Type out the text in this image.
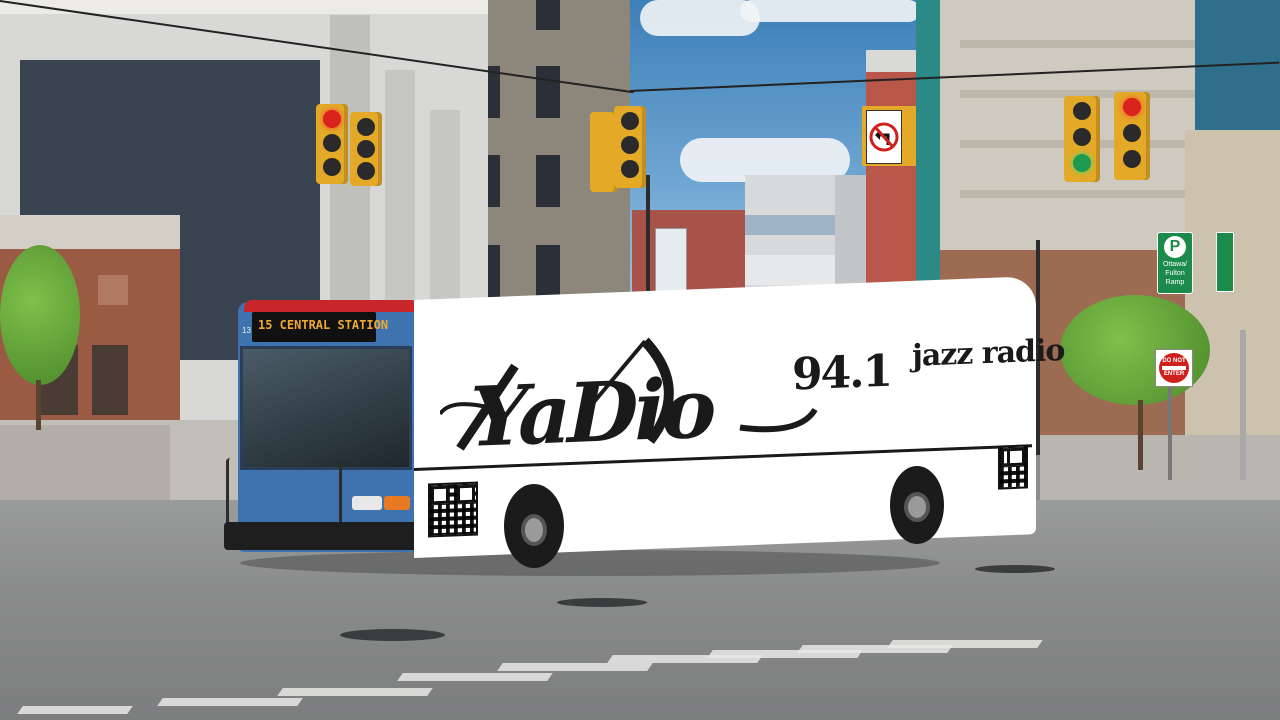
P
Ottawa/
Fulton
Ramp
DO NOT
ENTER
15 CENTRAL STATION
13
YaDio 94.1 jazz radio
